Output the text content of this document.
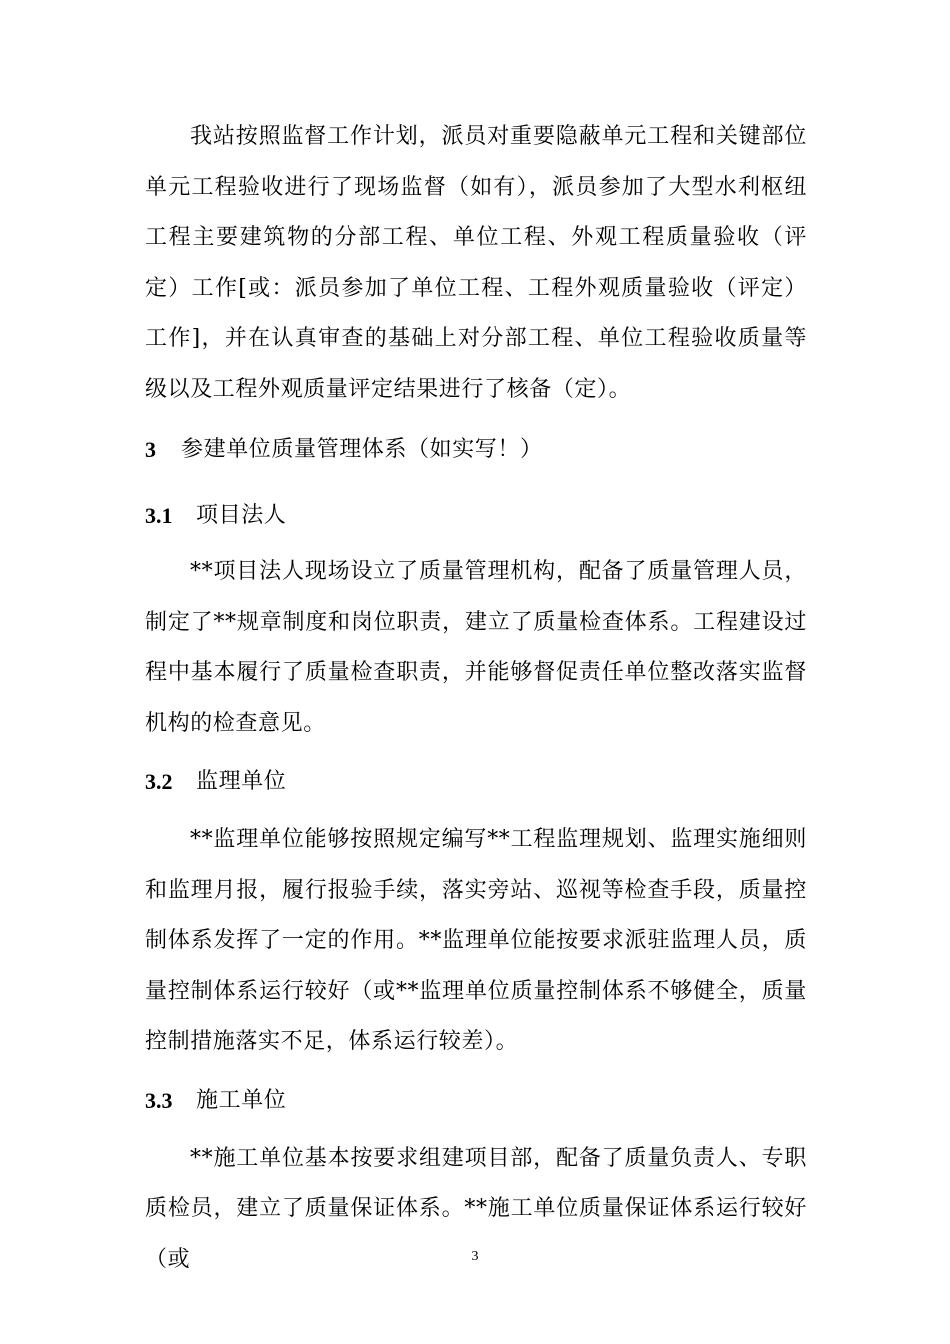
我站按照监督工作计划，派员对重要隐蔽单元工程和关键部位单元工程验收进行了现场监督（如有），派员参加了大型水利枢纽工程主要建筑物的分部工程、单位工程、外观工程质量验收（评定）工作[或：派员参加了单位工程、工程外观质量验收（评定）工作]，并在认真审查的基础上对分部工程、单位工程验收质量等级以及工程外观质量评定结果进行了核备（定）。

3	参建单位质量管理体系（如实写！）
3.1	项目法人

**项目法人现场设立了质量管理机构，配备了质量管理人员，制定了**规章制度和岗位职责，建立了质量检查体系。工程建设过程中基本履行了质量检查职责，并能够督促责任单位整改落实监督机构的检查意见。

3.2	监理单位

**监理单位能够按照规定编写**工程监理规划、监理实施细则和监理月报，履行报验手续，落实旁站、巡视等检查手段，质量控制体系发挥了一定的作用。**监理单位能按要求派驻监理人员，质量控制体系运行较好（或**监理单位质量控制体系不够健全，质量控制措施落实不足，体系运行较差）。

3.3	施工单位

**施工单位基本按要求组建项目部，配备了质量负责人、专职质检员，建立了质量保证体系。**施工单位质量保证体系运行较好（或	3
